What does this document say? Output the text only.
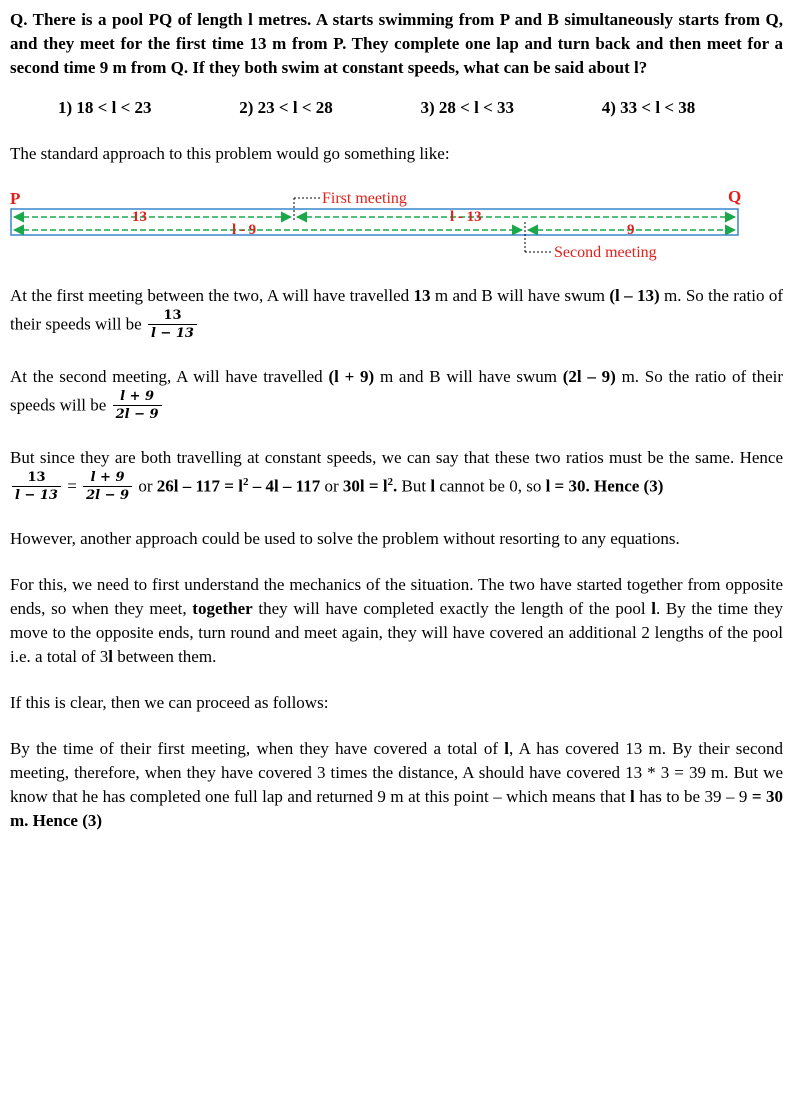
Q. There is a pool PQ of length l metres. A starts swimming from P and B simultaneously starts from Q, and they meet for the first time 13 m from P. They complete one lap and turn back and then meet for a second time 9 m from Q. If they both swim at constant speeds, what can be said about l?

1) 18 < l < 23	2) 23 < l < 28	3) 28 < l < 33	4) 33 < l < 38

The standard approach to this problem would go something like:

P	Q
First meeting
Second meeting
13	l - 13
l - 9	9

At the first meeting between the two, A will have travelled 13 m and B will have swum (l – 13) m. So the ratio of their speeds will be $\frac{13}{l - 13}$

At the second meeting, A will have travelled (l + 9) m and B will have swum (2l – 9) m. So the ratio of their speeds will be $\frac{l + 9}{2l - 9}$

But since they are both travelling at constant speeds, we can say that these two ratios must be the same. Hence
$\frac{13}{l - 13} = \frac{l + 9}{2l - 9}$ or $26l - 117 = l^2 - 4l - 117$ or $30l = l^2$. But l cannot be 0, so l = 30. Hence (3)

However, another approach could be used to solve the problem without resorting to any equations.

For this, we need to first understand the mechanics of the situation. The two have started together from opposite ends, so when they meet, together they will have completed exactly the length of the pool l. By the time they move to the opposite ends, turn round and meet again, they will have covered an additional 2 lengths of the pool i.e. a total of 3l between them.

If this is clear, then we can proceed as follows:

By the time of their first meeting, when they have covered a total of l, A has covered 13 m. By their second meeting, therefore, when they have covered 3 times the distance, A should have covered 13 * 3 = 39 m. But we know that he has completed one full lap and returned 9 m at this point – which means that l has to be 39 – 9 = 30 m. Hence (3)
